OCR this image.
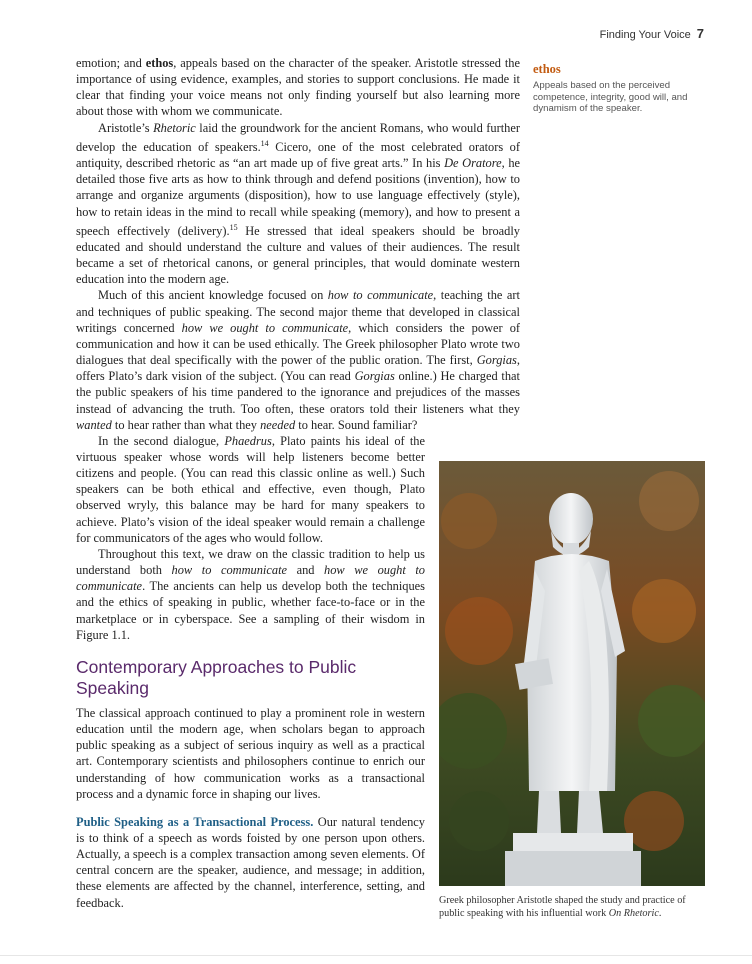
Finding Your Voice 7
ethos
Appeals based on the perceived competence, integrity, good will, and dynamism of the speaker.

emotion; and ethos, appeals based on the character of the speaker. Aristotle stressed the importance of using evidence, examples, and stories to support conclusions. He made it clear that finding your voice means not only finding yourself but also learning more about those with whom we communicate.

Aristotle’s Rhetoric laid the groundwork for the ancient Romans, who would further develop the education of speakers.$^{14}$ Cicero, one of the most celebrated orators of antiquity, described rhetoric as “an art made up of five great arts.” In his De Oratore, he detailed those five arts as how to think through and defend positions (invention), how to arrange and organize arguments (disposition), how to use language effectively (style), how to retain ideas in the mind to recall while speaking (memory), and how to present a speech effectively (delivery).$^{15}$ He stressed that ideal speakers should be broadly educated and should understand the culture and values of their audiences. The result became a set of rhetorical canons, or general principles, that would dominate western education into the modern age.

Much of this ancient knowledge focused on how to communicate, teaching the art and techniques of public speaking. The second major theme that developed in classical writings concerned how we ought to communicate, which considers the power of communication and how it can be used ethically. The Greek philosopher Plato wrote two dialogues that deal specifically with the power of the public oration. The first, Gorgias, offers Plato’s dark vision of the subject. (You can read Gorgias online.) He charged that the public speakers of his time pandered to the ignorance and prejudices of the masses instead of advancing the truth. Too often, these orators told their listeners what they wanted to hear rather than what they needed to hear. Sound familiar?

In the second dialogue, Phaedrus, Plato paints his ideal of the virtuous speaker whose words will help listeners become better citizens and people. (You can read this classic online as well.) Such speakers can be both ethical and effective, even though, Plato observed wryly, this balance may be hard for many speakers to achieve. Plato’s vision of the ideal speaker would remain a challenge for communicators of the ages who would follow.

Throughout this text, we draw on the classic tradition to help us understand both how to communicate and how we ought to communicate. The ancients can help us develop both the techniques and the ethics of speaking in public, whether face-to-face or in the marketplace or in cyberspace. See a sampling of their wisdom in Figure 1.1.

Contemporary Approaches to Public Speaking

The classical approach continued to play a prominent role in western education until the modern age, when scholars began to approach public speaking as a subject of serious inquiry as well as a practical art. Contemporary scientists and philosophers continue to enrich our understanding of how communication works as a transactional process and a dynamic force in shaping our lives.

Public Speaking as a Transactional Process. Our natural tendency is to think of a speech as words foisted by one person upon others. Actually, a speech is a complex transaction among seven elements. Of central concern are the speaker, audience, and message; in addition, these elements are affected by the channel, interference, setting, and feedback.	Greek philosopher Aristotle shaped the study and practice of public speaking with his influential work On Rhetoric.
